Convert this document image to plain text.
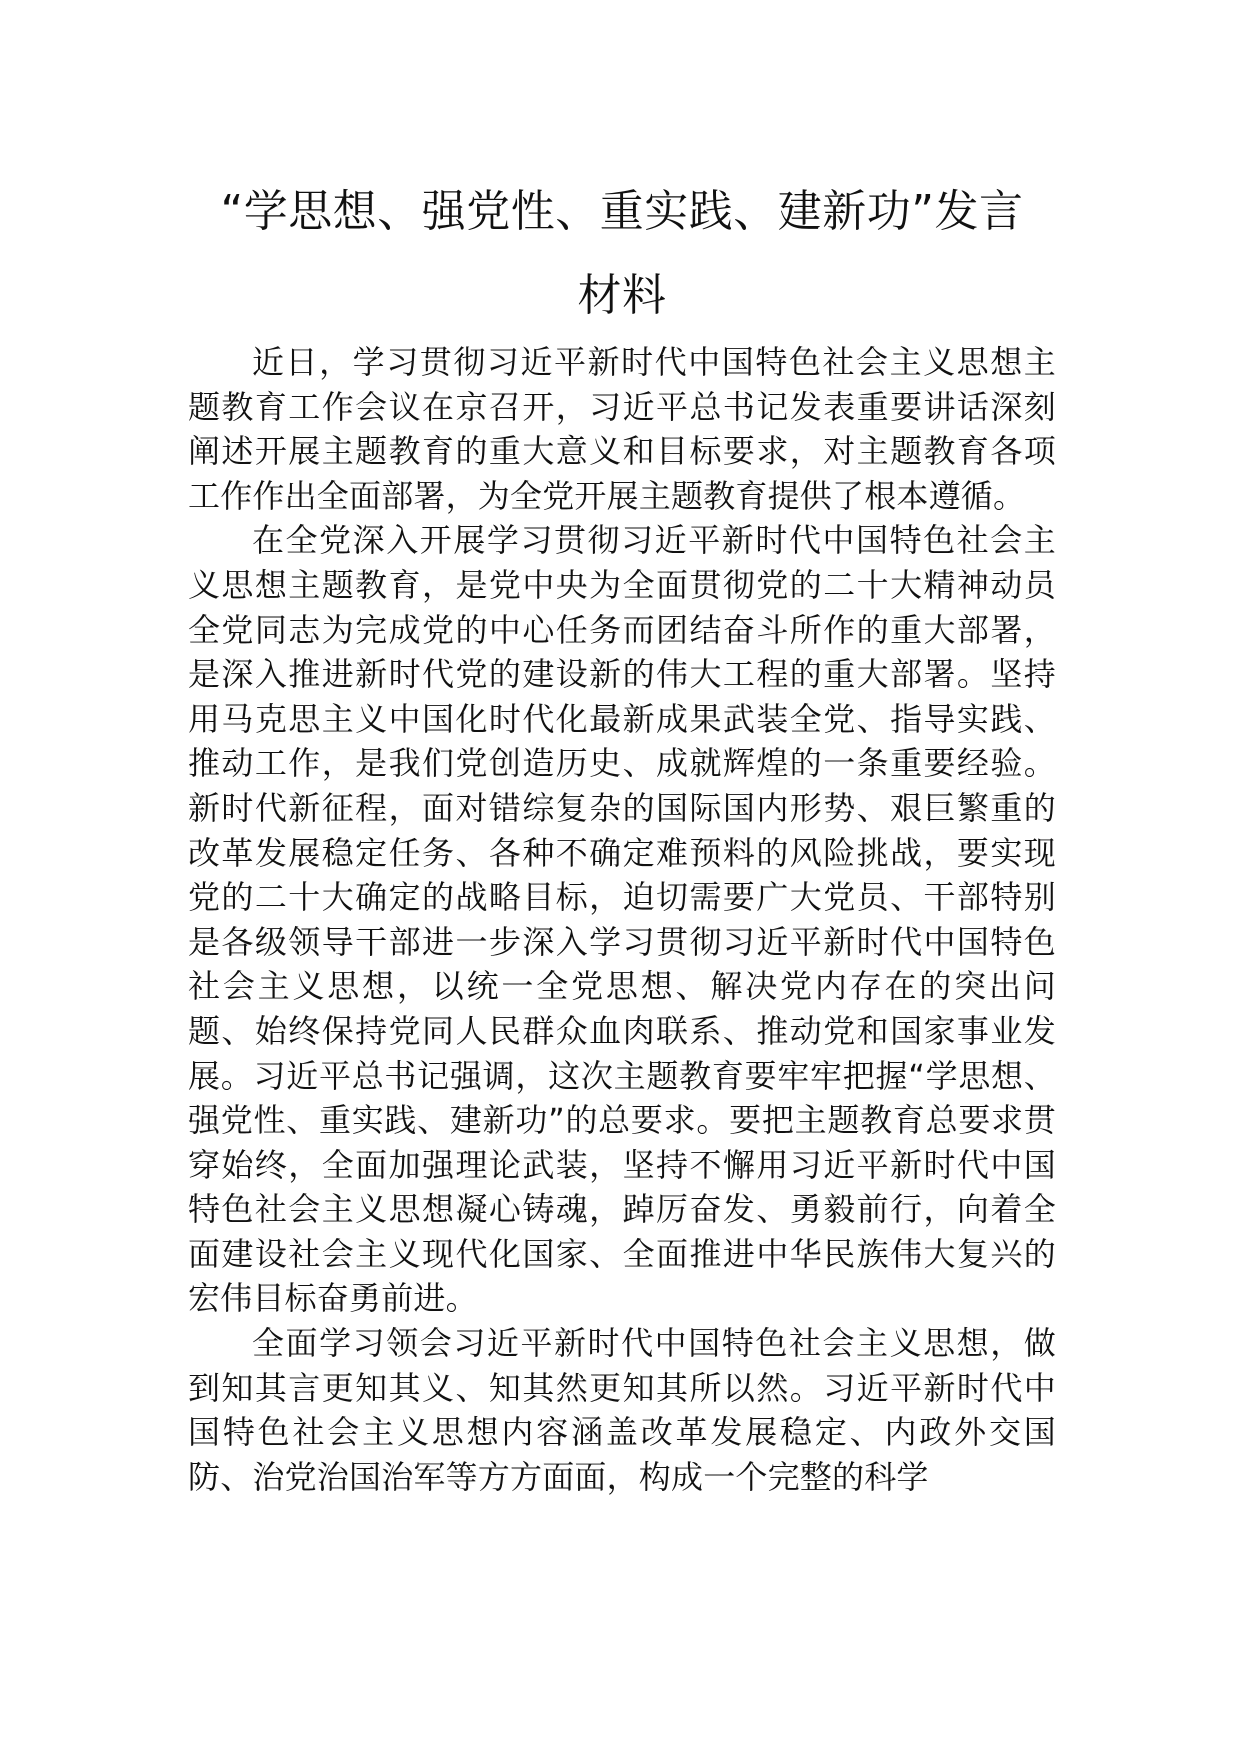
“学思想、强党性、重实践、建新功”发言
材料

近日，学习贯彻习近平新时代中国特色社会主义思想主题教育工作会议在京召开，习近平总书记发表重要讲话深刻阐述开展主题教育的重大意义和目标要求，对主题教育各项工作作出全面部署，为全党开展主题教育提供了根本遵循。

在全党深入开展学习贯彻习近平新时代中国特色社会主义思想主题教育，是党中央为全面贯彻党的二十大精神动员全党同志为完成党的中心任务而团结奋斗所作的重大部署，是深入推进新时代党的建设新的伟大工程的重大部署。坚持用马克思主义中国化时代化最新成果武装全党、指导实践、推动工作，是我们党创造历史、成就辉煌的一条重要经验。新时代新征程，面对错综复杂的国际国内形势、艰巨繁重的改革发展稳定任务、各种不确定难预料的风险挑战，要实现党的二十大确定的战略目标，迫切需要广大党员、干部特别是各级领导干部进一步深入学习贯彻习近平新时代中国特色社会主义思想，以统一全党思想、解决党内存在的突出问题、始终保持党同人民群众血肉联系、推动党和国家事业发展。习近平总书记强调，这次主题教育要牢牢把握“学思想、强党性、重实践、建新功”的总要求。要把主题教育总要求贯穿始终，全面加强理论武装，坚持不懈用习近平新时代中国特色社会主义思想凝心铸魂，踔厉奋发、勇毅前行，向着全面建设社会主义现代化国家、全面推进中华民族伟大复兴的宏伟目标奋勇前进。

全面学习领会习近平新时代中国特色社会主义思想，做到知其言更知其义、知其然更知其所以然。习近平新时代中国特色社会主义思想内容涵盖改革发展稳定、内政外交国防、治党治国治军等方方面面，构成一个完整的科学
